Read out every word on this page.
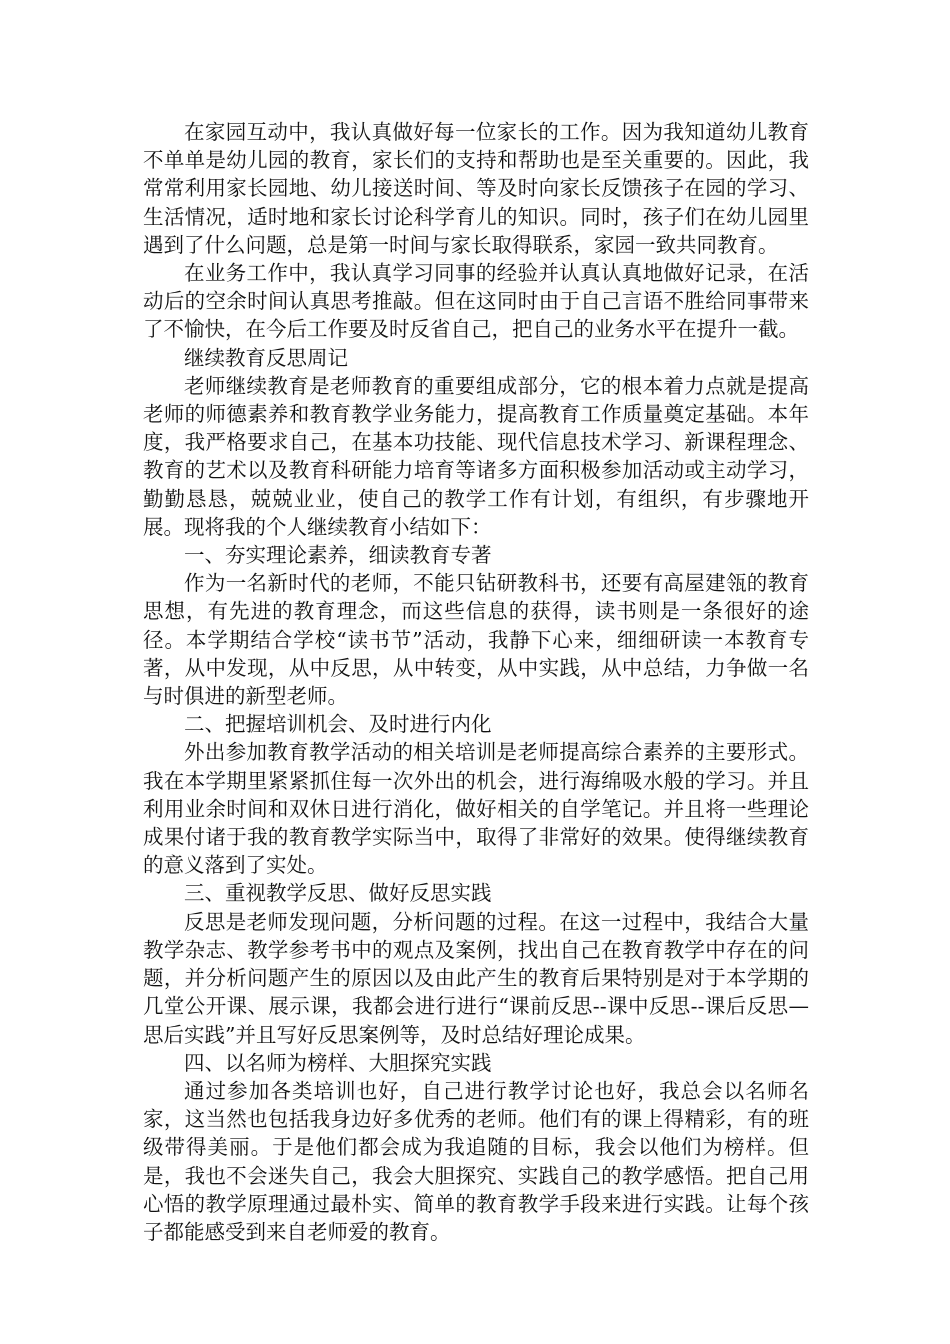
在家园互动中，我认真做好每一位家长的工作。因为我知道幼儿教育不单单是幼儿园的教育，家长们的支持和帮助也是至关重要的。因此，我常常利用家长园地、幼儿接送时间、等及时向家长反馈孩子在园的学习、生活情况，适时地和家长讨论科学育儿的知识。同时，孩子们在幼儿园里遇到了什么问题，总是第一时间与家长取得联系，家园一致共同教育。

在业务工作中，我认真学习同事的经验并认真认真地做好记录，在活动后的空余时间认真思考推敲。但在这同时由于自己言语不胜给同事带来了不愉快，在今后工作要及时反省自己，把自己的业务水平在提升一截。

继续教育反思周记

老师继续教育是老师教育的重要组成部分，它的根本着力点就是提高老师的师德素养和教育教学业务能力，提高教育工作质量奠定基础。本年度，我严格要求自己，在基本功技能、现代信息技术学习、新课程理念、教育的艺术以及教育科研能力培育等诸多方面积极参加活动或主动学习，勤勤恳恳，兢兢业业，使自己的教学工作有计划，有组织，有步骤地开展。现将我的个人继续教育小结如下：

一、夯实理论素养，细读教育专著

作为一名新时代的老师，不能只钻研教科书，还要有高屋建瓴的教育思想，有先进的教育理念，而这些信息的获得，读书则是一条很好的途径。本学期结合学校“读书节”活动，我静下心来，细细研读一本教育专著，从中发现，从中反思，从中转变，从中实践，从中总结，力争做一名与时俱进的新型老师。

二、把握培训机会、及时进行内化

外出参加教育教学活动的相关培训是老师提高综合素养的主要形式。我在本学期里紧紧抓住每一次外出的机会，进行海绵吸水般的学习。并且利用业余时间和双休日进行消化，做好相关的自学笔记。并且将一些理论成果付诸于我的教育教学实际当中，取得了非常好的效果。使得继续教育的意义落到了实处。

三、重视教学反思、做好反思实践

反思是老师发现问题，分析问题的过程。在这一过程中，我结合大量教学杂志、教学参考书中的观点及案例，找出自己在教育教学中存在的问题，并分析问题产生的原因以及由此产生的教育后果特别是对于本学期的几堂公开课、展示课，我都会进行进行“课前反思--课中反思--课后反思—思后实践”并且写好反思案例等，及时总结好理论成果。

四、以名师为榜样、大胆探究实践

通过参加各类培训也好，自己进行教学讨论也好，我总会以名师名家，这当然也包括我身边好多优秀的老师。他们有的课上得精彩，有的班级带得美丽。于是他们都会成为我追随的目标，我会以他们为榜样。但是，我也不会迷失自己，我会大胆探究、实践自己的教学感悟。把自己用心悟的教学原理通过最朴实、简单的教育教学手段来进行实践。让每个孩子都能感受到来自老师爱的教育。
